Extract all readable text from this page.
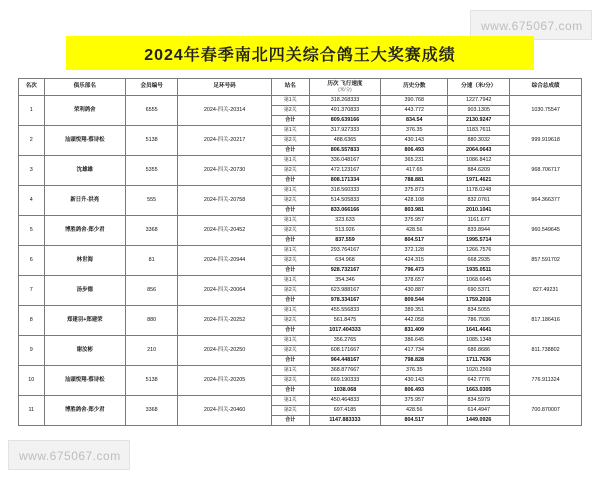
www.675067.com
www.675067.com
2024年春季南北四关综合鸽王大奖赛成绩
名次	俱乐部名	会员编号	足环号码	站名	历次 飞行速度
(米/分)	历史分数	分速（米/分）	综合总成绩
1	荣利鸽舍	6555	2024-四关-20314	第1关	318.268333	390.768	1227.7942	1030.75547
				第2关	491.370833	443.772	903.1305	
				合计	809.639166	834.54	2130.9247	
2	汕頭悦翔-蔡诗松	5138	2024-四关-20217	第1关	317.927333	376.35	1183.7611	999.919618
				第2关	488.6365	430.143	880.3032	
				合计	806.557833	806.493	2064.0643	
3	沈雄雄	5355	2024-四关-20730	第1关	336.048167	365.231	1086.8412	968.706717
				第2关	472.123167	417.65	884.6209	
				合计	808.171334	788.881	1971.4621	
4	新日升-洪亮	555	2024-四关-20758	第1关	318.560333	375.873	1178.0248	964.366377
				第2关	514.505833	428.108	832.0761	
				合计	833.066166	803.981	2010.1041	
5	博胜鸽舍-郑少君	3368	2024-四关-20452	第1关	323.633	375.957	1161.677	960.549645
				第2关	513.926	428.56	833.8944	
				合计	837.559	804.517	1995.5714	
6	林世海	81	2024-四关-20944	第1关	293.764167	372.128	1266.7576	857.591702
				第2关	634.968	424.315	668.2935	
				合计	928.732167	796.473	1935.0511	
7	汤步德	856	2024-四关-20064	第1关	354.346	378.657	1068.6645	827.49231
				第2关	623.988167	430.887	690.5371	
				合计	978.334167	809.544	1759.2016	
8	郑建羽+郑建荣	880	2024-四关-20252	第1关	455.556833	389.351	834.5055	817.186416
				第2关	561.8475	442.058	786.7936	
				合计	1017.404333	831.409	1641.4641	
9	谢汝彬	210	2024-四关-20250	第1关	356.2765	386.645	1085.1348	811.738802
				第2关	608.171667	417.734	686.8686	
				合计	964.448167	798.828	1711.7636	
10	汕頭悦翔-蔡诗松	5138	2024-四关-20205	第1关	368.877667	376.35	1020.2569	776.911324
				第2关	669.190333	430.143	642.7776	
				合计	1038.068	806.493	1663.0305	
11	博胜鸽舍-郑少君	3368	2024-四关-20460	第1关	450.464833	375.957	834.5979	700.870007
				第2关	697.4185	428.56	614.4947	
				合计	1147.883333	804.517	1449.0926	
